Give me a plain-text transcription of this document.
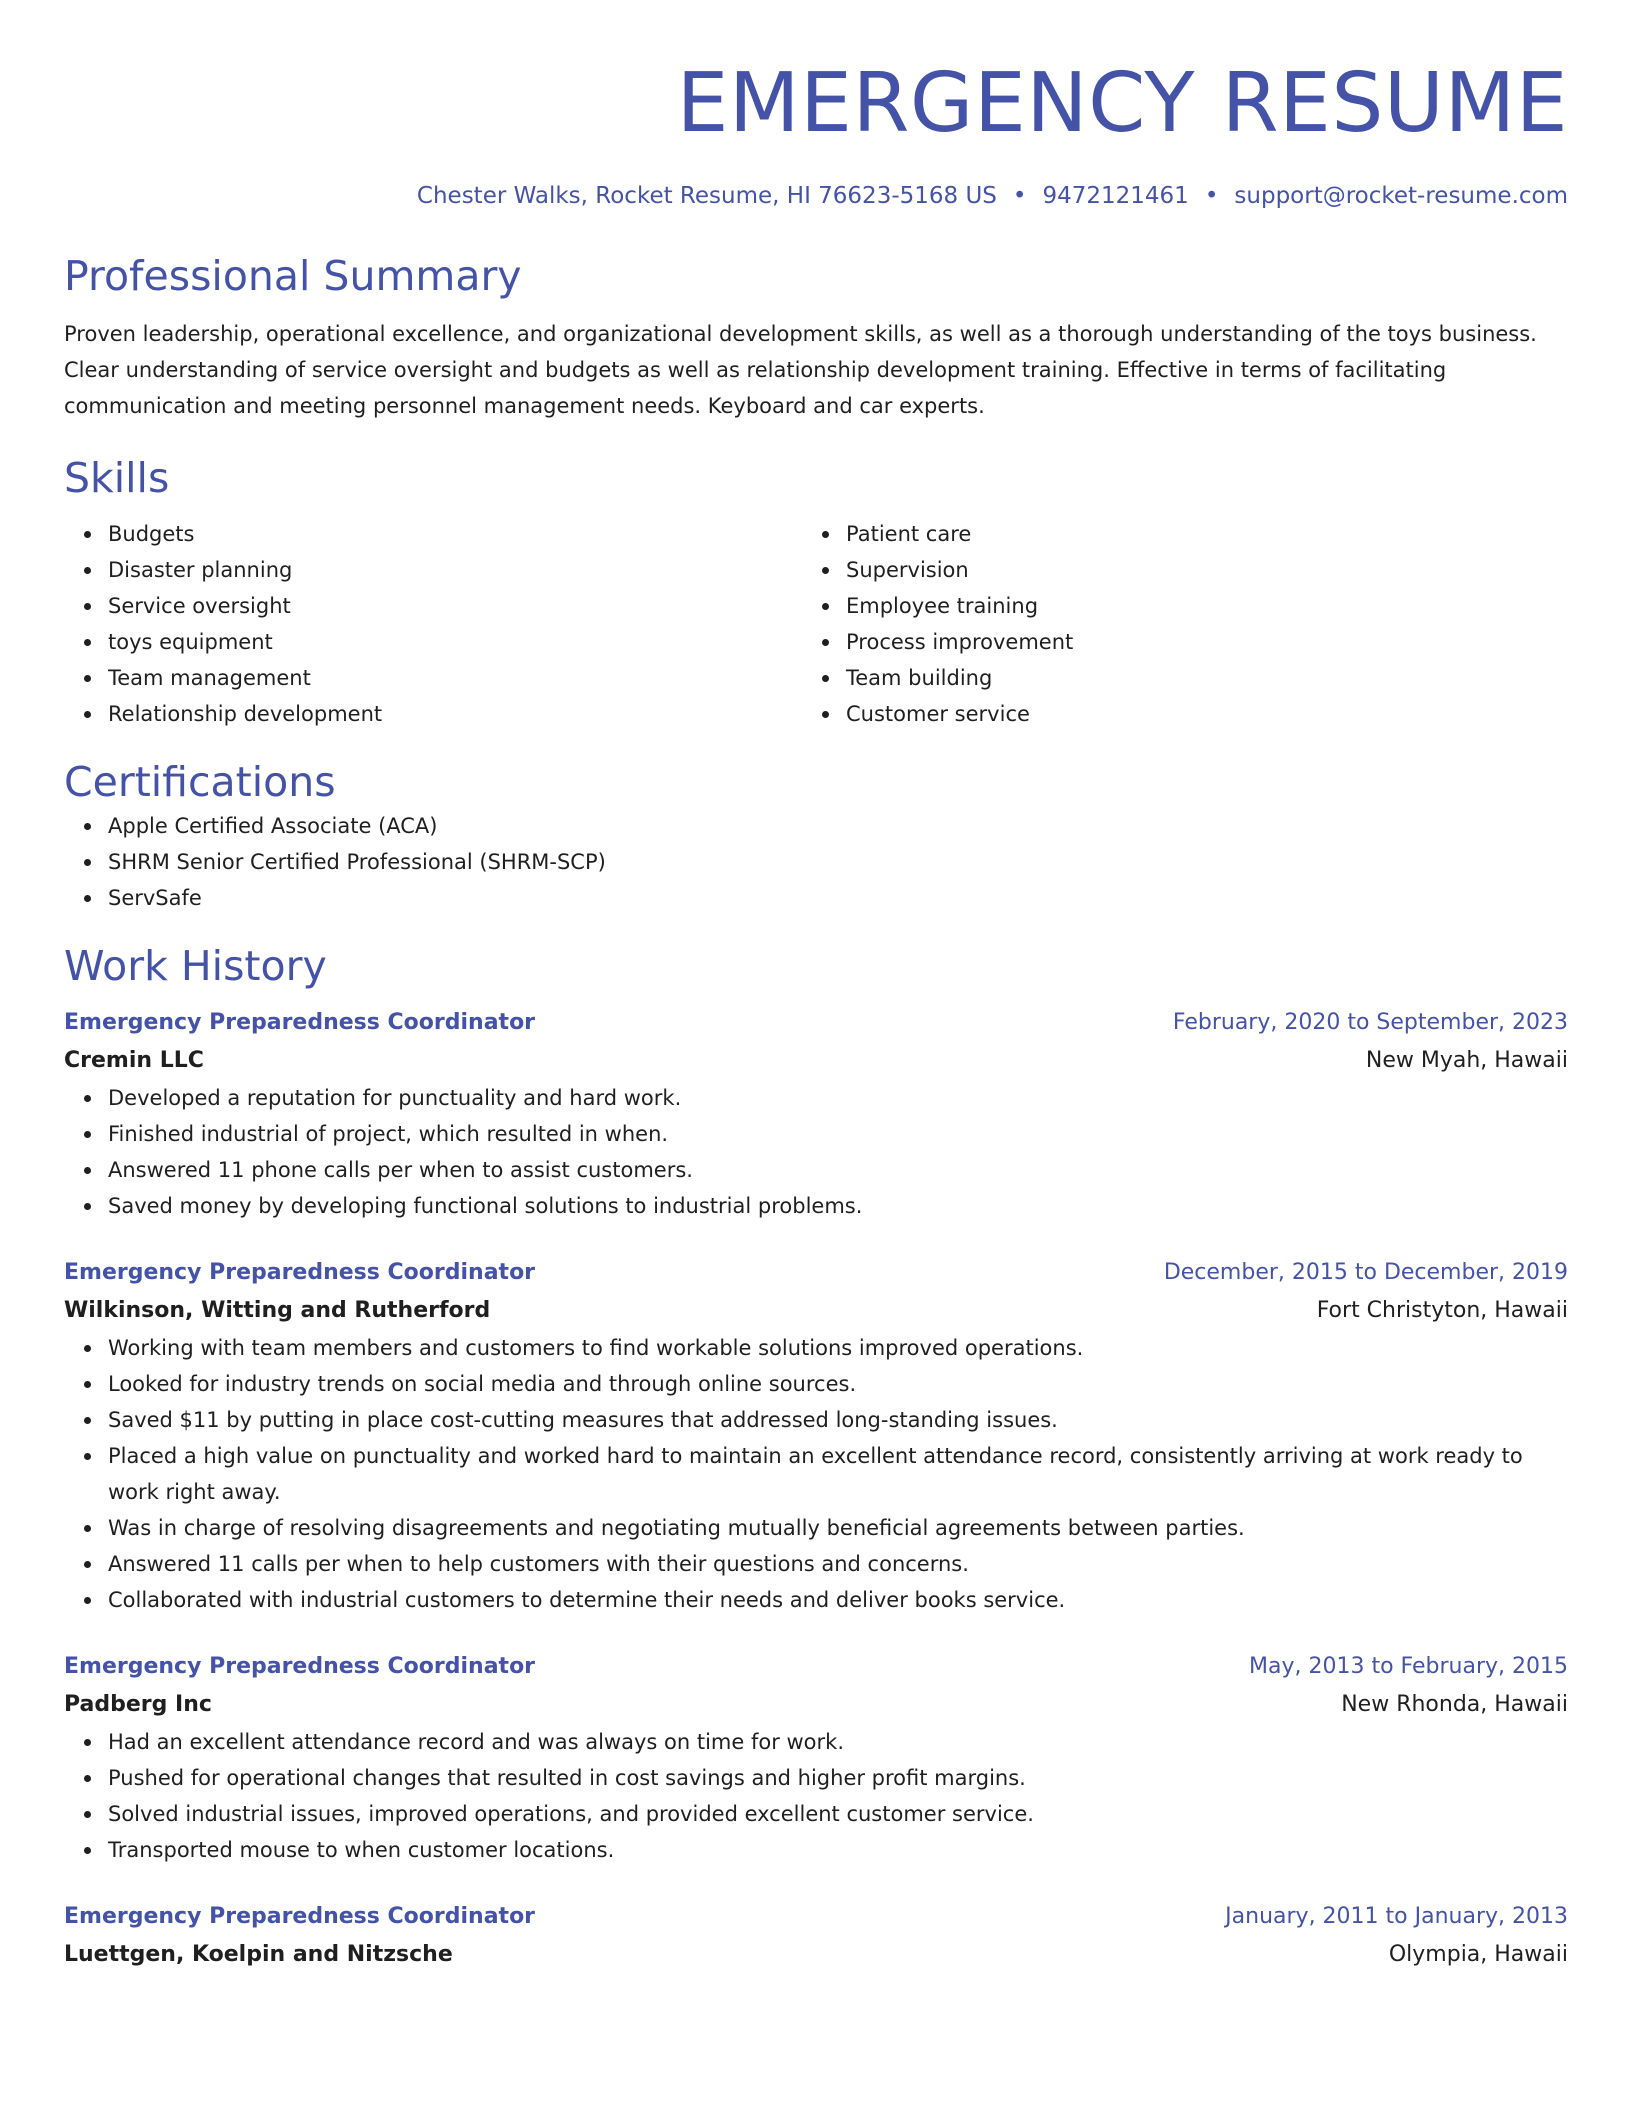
EMERGENCY RESUME
Chester Walks, Rocket Resume, HI 76623-5168 US • 9472121461 • support@rocket-resume.com
Professional Summary
Proven leadership, operational excellence, and organizational development skills, as well as a thorough understanding of the toys business. Clear understanding of service oversight and budgets as well as relationship development training. Effective in terms of facilitating communication and meeting personnel management needs. Keyboard and car experts.
Skills
Budgets
Disaster planning
Service oversight
toys equipment
Team management
Relationship development
Patient care
Supervision
Employee training
Process improvement
Team building
Customer service
Certifications
Apple Certified Associate (ACA)
SHRM Senior Certified Professional (SHRM-SCP)
ServSafe
Work History
Emergency Preparedness Coordinator	February, 2020 to September, 2023
Cremin LLC	New Myah, Hawaii
Developed a reputation for punctuality and hard work.
Finished industrial of project, which resulted in when.
Answered 11 phone calls per when to assist customers.
Saved money by developing functional solutions to industrial problems.
Emergency Preparedness Coordinator	December, 2015 to December, 2019
Wilkinson, Witting and Rutherford	Fort Christyton, Hawaii
Working with team members and customers to find workable solutions improved operations.
Looked for industry trends on social media and through online sources.
Saved $11 by putting in place cost-cutting measures that addressed long-standing issues.
Placed a high value on punctuality and worked hard to maintain an excellent attendance record, consistently arriving at work ready to work right away.
Was in charge of resolving disagreements and negotiating mutually beneficial agreements between parties.
Answered 11 calls per when to help customers with their questions and concerns.
Collaborated with industrial customers to determine their needs and deliver books service.
Emergency Preparedness Coordinator	May, 2013 to February, 2015
Padberg Inc	New Rhonda, Hawaii
Had an excellent attendance record and was always on time for work.
Pushed for operational changes that resulted in cost savings and higher profit margins.
Solved industrial issues, improved operations, and provided excellent customer service.
Transported mouse to when customer locations.
Emergency Preparedness Coordinator	January, 2011 to January, 2013
Luettgen, Koelpin and Nitzsche	Olympia, Hawaii
